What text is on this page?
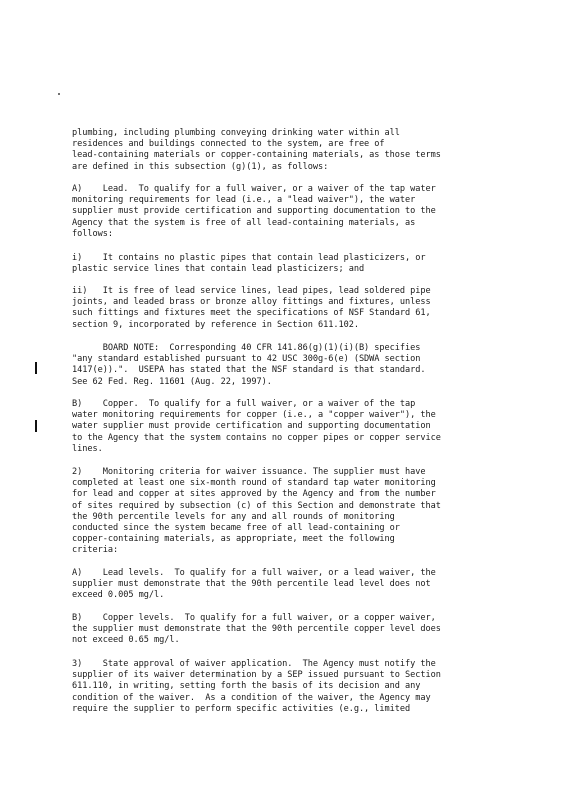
plumbing, including plumbing conveying drinking water within all
residences and buildings connected to the system, are free of
lead-containing materials or copper-containing materials, as those terms
are defined in this subsection (g)(1), as follows:

A)    Lead.  To qualify for a full waiver, or a waiver of the tap water
monitoring requirements for lead (i.e., a "lead waiver"), the water
supplier must provide certification and supporting documentation to the
Agency that the system is free of all lead-containing materials, as
follows:

i)    It contains no plastic pipes that contain lead plasticizers, or
plastic service lines that contain lead plasticizers; and

ii)   It is free of lead service lines, lead pipes, lead soldered pipe
joints, and leaded brass or bronze alloy fittings and fixtures, unless
such fittings and fixtures meet the specifications of NSF Standard 61,
section 9, incorporated by reference in Section 611.102.

BOARD NOTE:  Corresponding 40 CFR 141.86(g)(1)(i)(B) specifies
"any standard established pursuant to 42 USC 300g-6(e) (SDWA section
1417(e)).".  USEPA has stated that the NSF standard is that standard.
See 62 Fed. Reg. 11601 (Aug. 22, 1997).

B)    Copper.  To qualify for a full waiver, or a waiver of the tap
water monitoring requirements for copper (i.e., a "copper waiver"), the
water supplier must provide certification and supporting documentation
to the Agency that the system contains no copper pipes or copper service
lines.

2)    Monitoring criteria for waiver issuance. The supplier must have
completed at least one six-month round of standard tap water monitoring
for lead and copper at sites approved by the Agency and from the number
of sites required by subsection (c) of this Section and demonstrate that
the 90th percentile levels for any and all rounds of monitoring
conducted since the system became free of all lead-containing or
copper-containing materials, as appropriate, meet the following
criteria:

A)    Lead levels.  To qualify for a full waiver, or a lead waiver, the
supplier must demonstrate that the 90th percentile lead level does not
exceed 0.005 mg/l.

B)    Copper levels.  To qualify for a full waiver, or a copper waiver,
the supplier must demonstrate that the 90th percentile copper level does
not exceed 0.65 mg/l.

3)    State approval of waiver application.  The Agency must notify the
supplier of its waiver determination by a SEP issued pursuant to Section
611.110, in writing, setting forth the basis of its decision and any
condition of the waiver.  As a condition of the waiver, the Agency may
require the supplier to perform specific activities (e.g., limited
